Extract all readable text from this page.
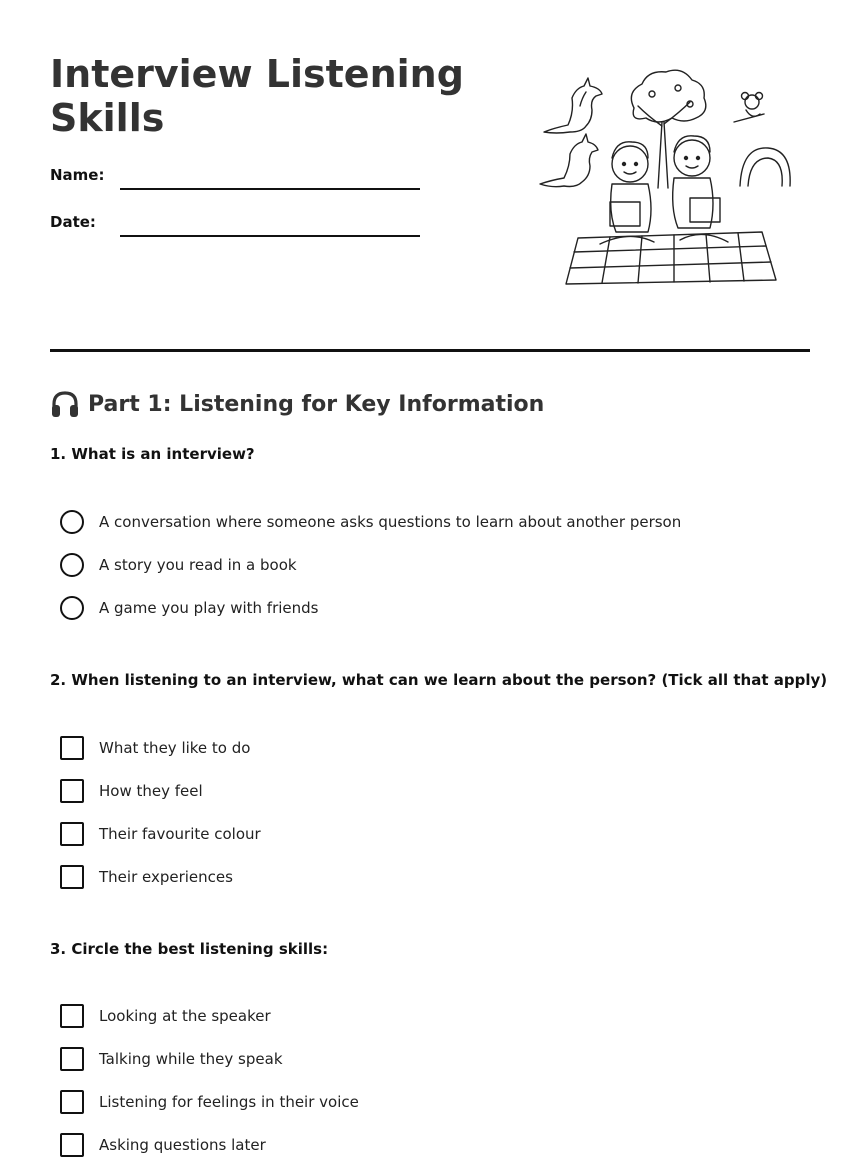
Interview Listening Skills
Name:
Date:
Part 1: Listening for Key Information

1. What is an interview?

A conversation where someone asks questions to learn about another person
A story you read in a book
A game you play with friends

2. When listening to an interview, what can we learn about the person? (Tick all that apply)

What they like to do
How they feel
Their favourite colour
Their experiences

3. Circle the best listening skills:

Looking at the speaker
Talking while they speak
Listening for feelings in their voice
Asking questions later
